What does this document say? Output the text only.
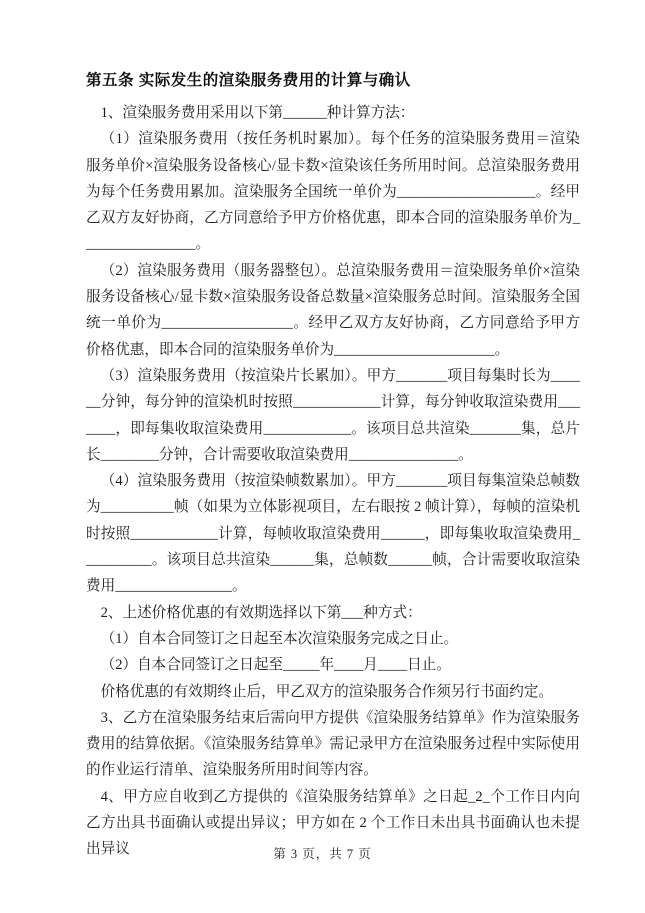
第五条 实际发生的渲染服务费用的计算与确认

1、渲染服务费用采用以下第______种计算方法：

（1）渲染服务费用（按任务机时累加）。每个任务的渲染服务费用＝渲染服务单价×渲染服务设备核心/显卡数×渲染该任务所用时间。总渲染服务费用为每个任务费用累加。渲染服务全国统一单价为___________________。经甲乙双方友好协商，乙方同意给予甲方价格优惠，即本合同的渲染服务单价为________________。

（2）渲染服务费用（服务器整包）。总渲染服务费用＝渲染服务单价×渲染服务设备核心/显卡数×渲染服务设备总数量×渲染服务总时间。渲染服务全国统一单价为__________________。经甲乙双方友好协商，乙方同意给予甲方价格优惠，即本合同的渲染服务单价为______________________。

（3）渲染服务费用（按渲染片长累加）。甲方_______项目每集时长为______分钟，每分钟的渲染机时按照____________计算，每分钟收取渲染费用_______，即每集收取渲染费用____________。该项目总共渲染_______集，总片长________分钟，合计需要收取渲染费用_______________。

（4）渲染服务费用（按渲染帧数累加）。甲方_______项目每集渲染总帧数为__________帧（如果为立体影视项目，左右眼按 2 帧计算），每帧的渲染机时按照____________计算，每帧收取渲染费用______，即每集收取渲染费用__________。该项目总共渲染______集，总帧数______帧，合计需要收取渲染费用________________。

2、上述价格优惠的有效期选择以下第___种方式：

（1）自本合同签订之日起至本次渲染服务完成之日止。

（2）自本合同签订之日起至_____年____月____日止。

价格优惠的有效期终止后，甲乙双方的渲染服务合作须另行书面约定。

3、乙方在渲染服务结束后需向甲方提供《渲染服务结算单》作为渲染服务费用的结算依据。《渲染服务结算单》需记录甲方在渲染服务过程中实际使用的作业运行清单、渲染服务所用时间等内容。

4、甲方应自收到乙方提供的《渲染服务结算单》之日起_2_个工作日内向乙方出具书面确认或提出异议；甲方如在 2 个工作日未出具书面确认也未提出异议	第 3 页，共 7 页
